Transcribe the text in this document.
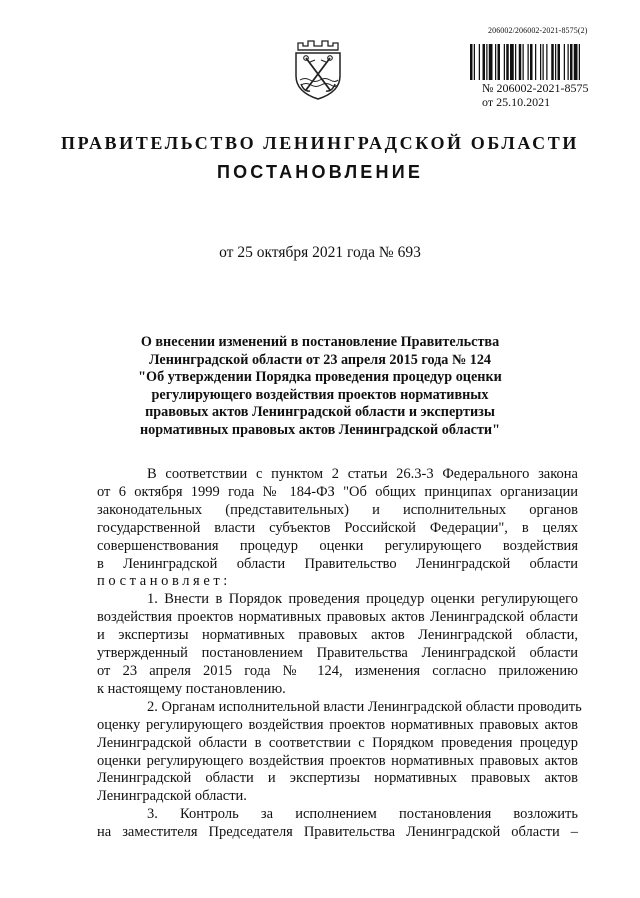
206002/206002-2021-8575(2)
№ 206002-2021-8575
от 25.10.2021
ПРАВИТЕЛЬСТВО ЛЕНИНГРАДСКОЙ ОБЛАСТИ
ПОСТАНОВЛЕНИЕ
от 25 октября 2021 года № 693
О внесении изменений в постановление Правительства
Ленинградской области от 23 апреля 2015 года № 124
"Об утверждении Порядка проведения процедур оценки
регулирующего воздействия проектов нормативных
правовых актов Ленинградской области и экспертизы
нормативных правовых актов Ленинградской области"
В соответствии с пунктом 2 статьи 26.3-3 Федерального закона
от 6 октября 1999 года № 184-ФЗ "Об общих принципах организации
законодательных (представительных) и исполнительных органов
государственной власти субъектов Российской Федерации", в целях
совершенствования процедур оценки регулирующего воздействия
в Ленинградской области Правительство Ленинградской области
постановляет:
1. Внести в Порядок проведения процедур оценки регулирующего
воздействия проектов нормативных правовых актов Ленинградской области
и экспертизы нормативных правовых актов Ленинградской области,
утвержденный постановлением Правительства Ленинградской области
от 23 апреля 2015 года № 124, изменения согласно приложению
к настоящему постановлению.
2. Органам исполнительной власти Ленинградской области проводить
оценку регулирующего воздействия проектов нормативных правовых актов
Ленинградской области в соответствии с Порядком проведения процедур
оценки регулирующего воздействия проектов нормативных правовых актов
Ленинградской области и экспертизы нормативных правовых актов
Ленинградской области.
3. Контроль за исполнением постановления возложить
на заместителя Председателя Правительства Ленинградской области –
